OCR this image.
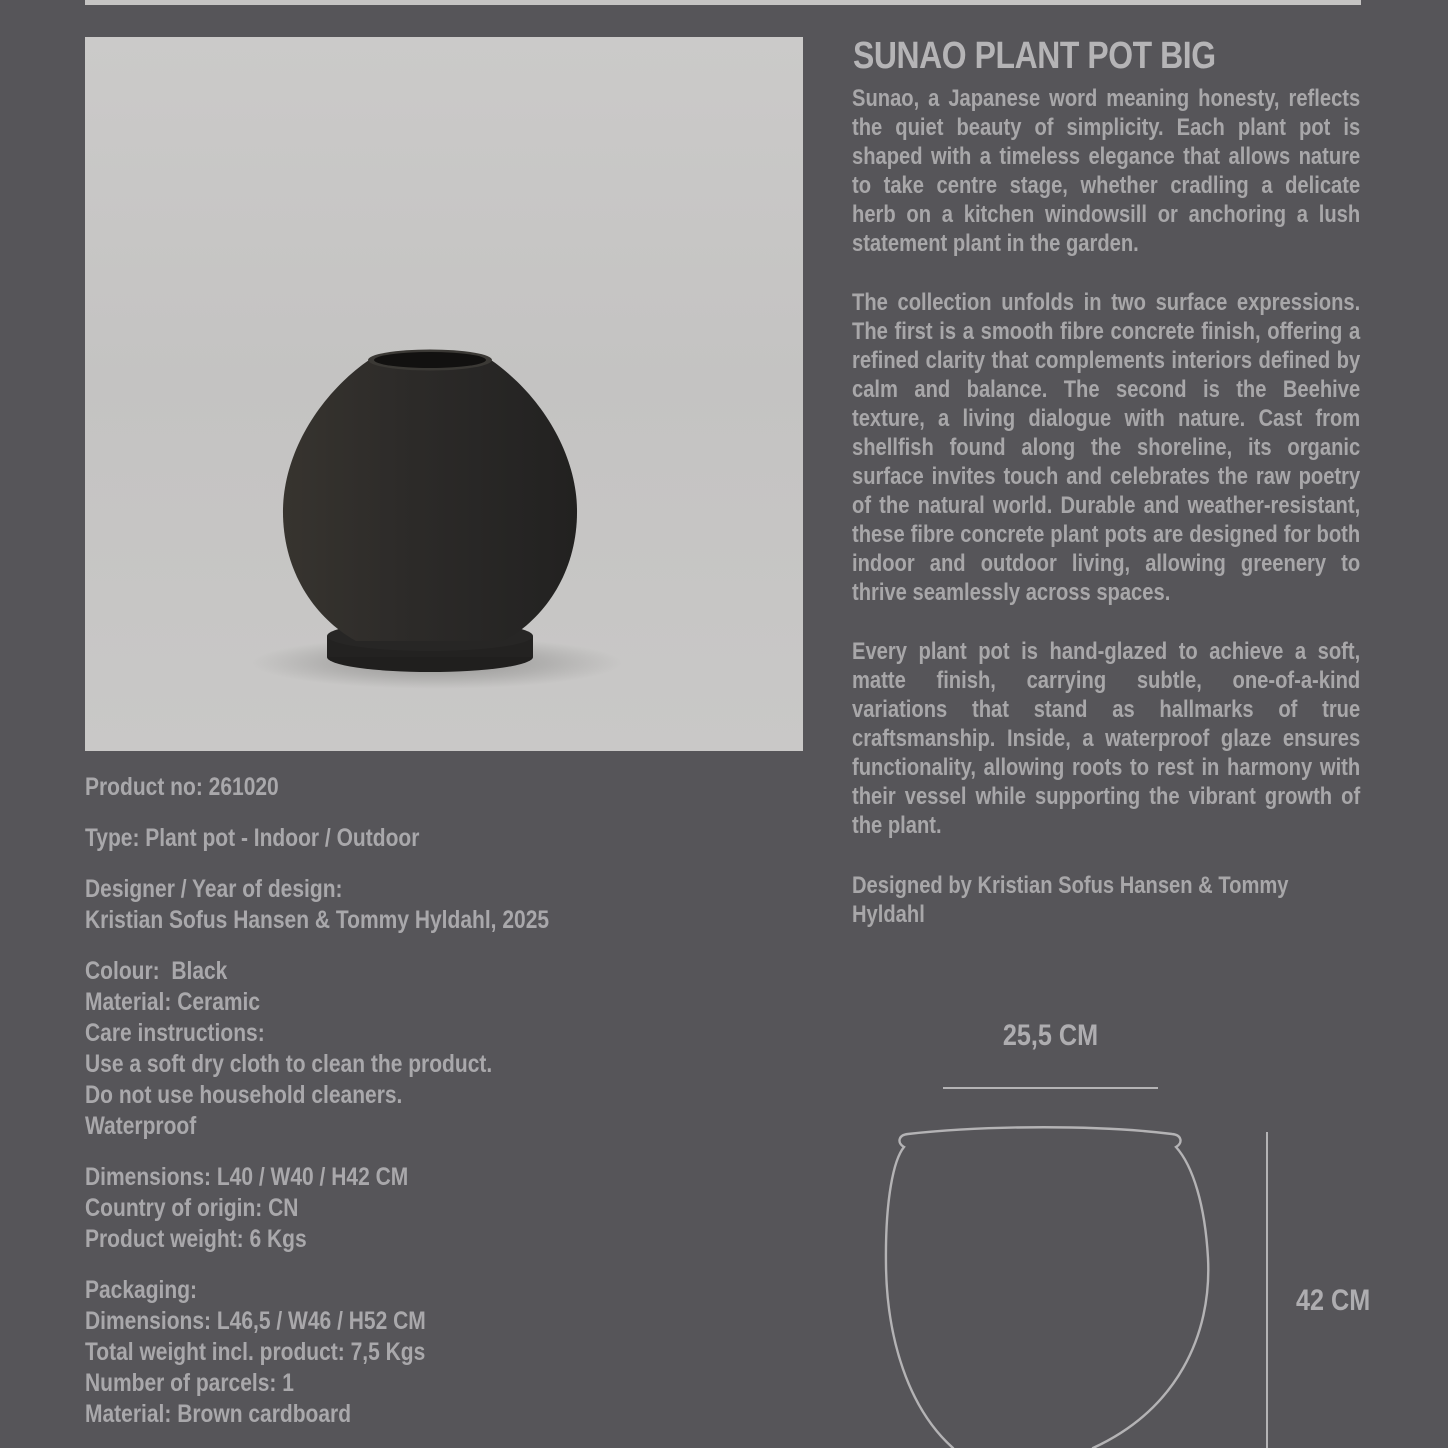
SUNAO PLANT POT BIG

Sunao, a Japanese word meaning honesty, reflects the quiet beauty of simplicity. Each plant pot is shaped with a timeless elegance that allows nature to take centre stage, whether cradling a delicate herb on a kitchen windowsill or anchoring a lush statement plant in the garden.

The collection unfolds in two surface expressions. The first is a smooth fibre concrete finish, offering a refined clarity that complements interiors defined by calm and balance. The second is the Beehive texture, a living dialogue with nature. Cast from shellfish found along the shoreline, its organic surface invites touch and celebrates the raw poetry of the natural world. Durable and weather-resistant, these fibre concrete plant pots are designed for both indoor and outdoor living, allowing greenery to thrive seamlessly across spaces.

Every plant pot is hand-glazed to achieve a soft, matte finish, carrying subtle, one-of-a-kind variations that stand as hallmarks of true craftsmanship. Inside, a waterproof glaze ensures functionality, allowing roots to rest in harmony with their vessel while supporting the vibrant growth of the plant.

Designed by Kristian Sofus Hansen & Tommy Hyldahl
Product no: 261020
Type: Plant pot - Indoor / Outdoor
Designer / Year of design:
Kristian Sofus Hansen & Tommy Hyldahl, 2025
Colour:  Black
Material: Ceramic
Care instructions:
Use a soft dry cloth to clean the product.
Do not use household cleaners.
Waterproof
Dimensions: L40 / W40 / H42 CM
Country of origin: CN
Product weight: 6 Kgs
Packaging:
Dimensions: L46,5 / W46 / H52 CM
Total weight incl. product: 7,5 Kgs
Number of parcels: 1
Material: Brown cardboard
25,5 CM
42 CM
